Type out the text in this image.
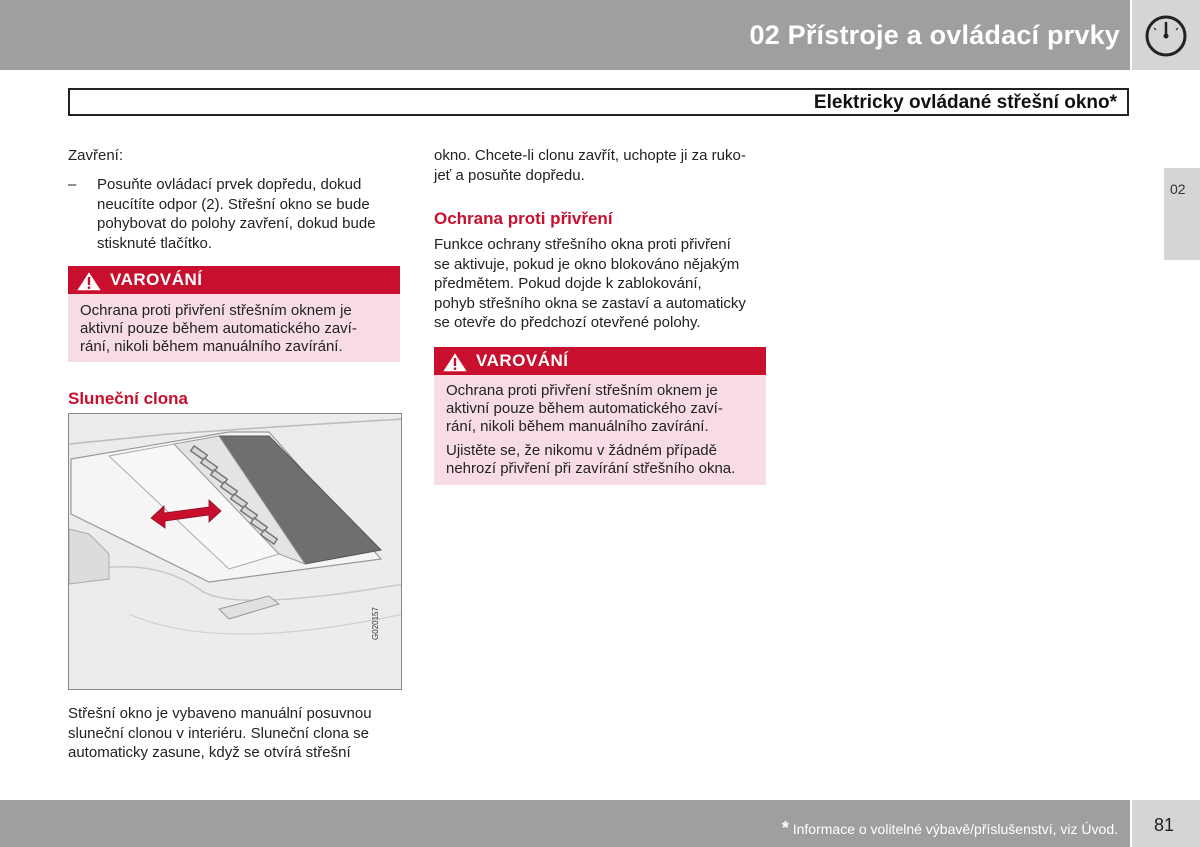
02 Přístroje a ovládací prvky
Elektricky ovládané střešní okno*
02
Zavření:
– Posuňte ovládací prvek dopředu, dokud
neucítíte odpor (2). Střešní okno se bude
pohybovat do polohy zavření, dokud bude
stisknuté tlačítko.
VAROVÁNÍ
Ochrana proti přivření střešním oknem je
aktivní pouze během automatického zaví-
rání, nikoli během manuálního zavírání.
Sluneční clona
G020157
Střešní okno je vybaveno manuální posuvnou
sluneční clonou v interiéru. Sluneční clona se
automaticky zasune, když se otvírá střešní
okno. Chcete-li clonu zavřít, uchopte ji za ruko-
jeť a posuňte dopředu.
Ochrana proti přivření
Funkce ochrany střešního okna proti přivření
se aktivuje, pokud je okno blokováno nějakým
předmětem. Pokud dojde k zablokování,
pohyb střešního okna se zastaví a automaticky
se otevře do předchozí otevřené polohy.
VAROVÁNÍ
Ochrana proti přivření střešním oknem je
aktivní pouze během automatického zaví-
rání, nikoli během manuálního zavírání.
Ujistěte se, že nikomu v žádném případě
nehrozí přivření při zavírání střešního okna.
* Informace o volitelné výbavě/příslušenství, viz Úvod. 81
